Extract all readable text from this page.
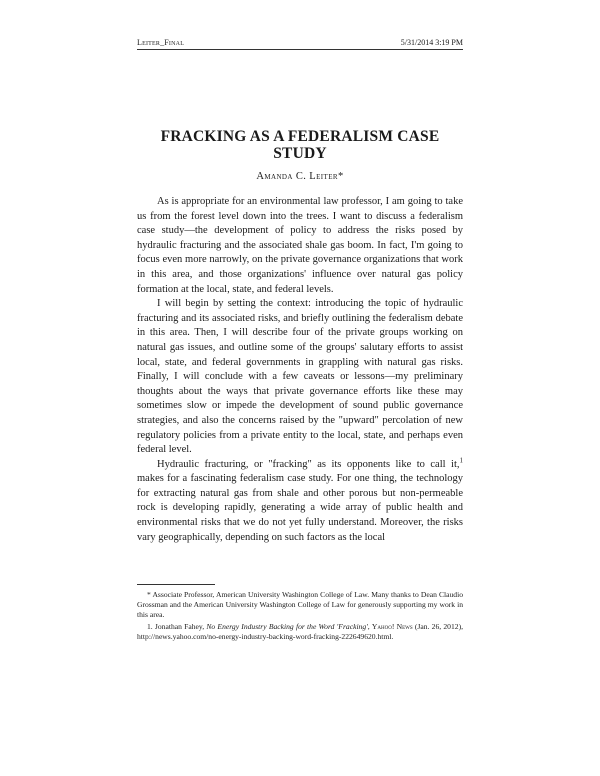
Leiter_Final	5/31/2014 3:19 PM
FRACKING AS A FEDERALISM CASE
STUDY
Amanda C. Leiter*

As is appropriate for an environmental law professor, I am going to take us from the forest level down into the trees. I want to discuss a federalism case study—the development of policy to address the risks posed by hydraulic fracturing and the associated shale gas boom. In fact, I'm going to focus even more narrowly, on the private governance organizations that work in this area, and those organizations' influence over natural gas policy formation at the local, state, and federal levels.

I will begin by setting the context: introducing the topic of hydraulic fracturing and its associated risks, and briefly outlining the federalism debate in this area. Then, I will describe four of the private groups working on natural gas issues, and outline some of the groups' salutary efforts to assist local, state, and federal governments in grappling with natural gas risks. Finally, I will conclude with a few caveats or lessons—my preliminary thoughts about the ways that private governance efforts like these may sometimes slow or impede the development of sound public governance strategies, and also the concerns raised by the "upward" percolation of new regulatory policies from a private entity to the local, state, and perhaps even federal level.

Hydraulic fracturing, or "fracking" as its opponents like to call it,$^1$ makes for a fascinating federalism case study. For one thing, the technology for extracting natural gas from shale and other porous but non-permeable rock is developing rapidly, generating a wide array of public health and environmental risks that we do not yet fully understand. Moreover, the risks vary geographically, depending on such factors as the local

* Associate Professor, American University Washington College of Law. Many thanks to Dean Claudio Grossman and the American University Washington College of Law for generously supporting my work in this area.

1. Jonathan Fahey, No Energy Industry Backing for the Word 'Fracking', Yahoo! News (Jan. 26, 2012), http://news.yahoo.com/no-energy-industry-backing-word-fracking-222649620.html.
